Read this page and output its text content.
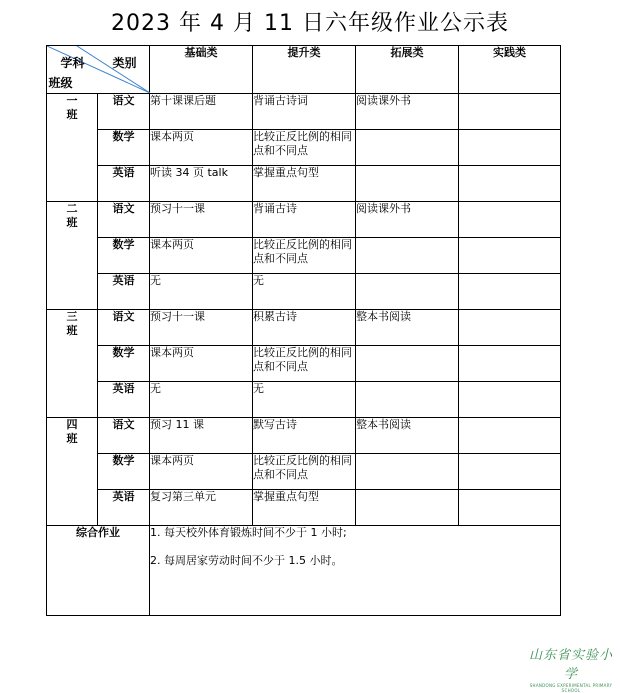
2023 年 4 月 11 日六年级作业公示表
学科 类别
班级		基础类	提升类	拓展类	实践类
一
班	语文	第十课课后题	背诵古诗词	阅读课外书	
	数学	课本两页	比较正反比例的相同点和不同点		
	英语	听读 34 页 talk	掌握重点句型		
二
班	语文	预习十一课	背诵古诗	阅读课外书	
	数学	课本两页	比较正反比例的相同点和不同点		
	英语	无	无		
三
班	语文	预习十一课	积累古诗	整本书阅读	
	数学	课本两页	比较正反比例的相同点和不同点		
	英语	无	无		
四
班	语文	预习 11 课	默写古诗	整本书阅读	
	数学	课本两页	比较正反比例的相同点和不同点		
	英语	复习第三单元	掌握重点句型		
综合作业		1. 每天校外体育锻炼时间不少于 1 小时;

2. 每周居家劳动时间不少于 1.5 小时。			

山东省实验小学
SHANDONG EXPERIMENTAL PRIMARY SCHOOL
